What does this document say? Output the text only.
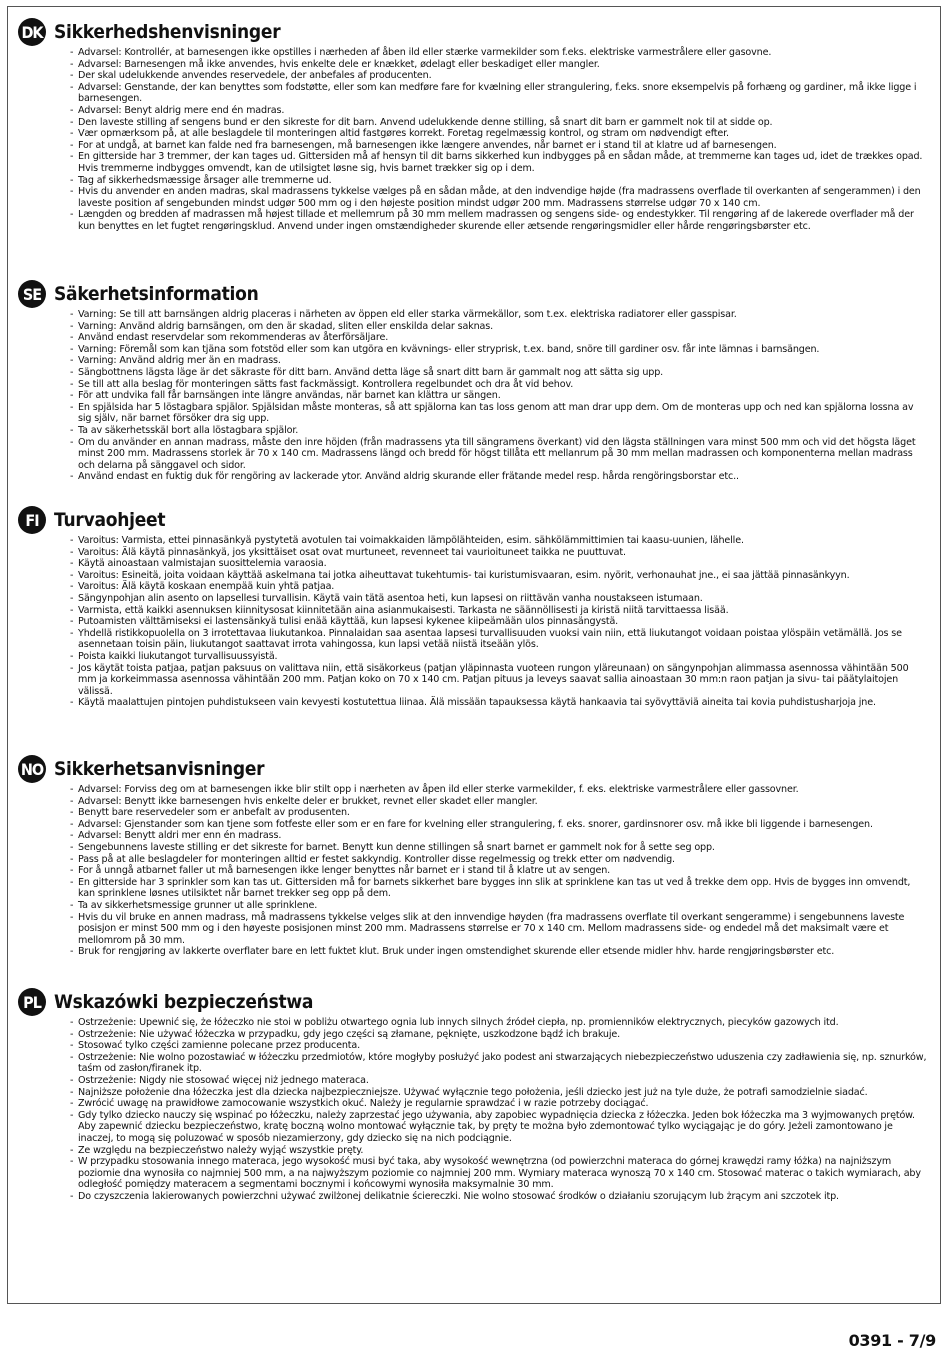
DK Sikkerhedshenvisninger
- Advarsel: Kontrollér, at barnesengen ikke opstilles i nærheden af åben ild eller stærke varmekilder som f.eks. elektriske varmestrålere eller gasovne.
- Advarsel: Barnesengen må ikke anvendes, hvis enkelte dele er knækket, ødelagt eller beskadiget eller mangler.
- Der skal udelukkende anvendes reservedele, der anbefales af producenten.
- Advarsel: Genstande, der kan benyttes som fodstøtte, eller som kan medføre fare for kvælning eller strangulering, f.eks. snore eksempelvis på forhæng og gardiner, må ikke ligge i barnesengen.
- Advarsel: Benyt aldrig mere end én madras.
- Den laveste stilling af sengens bund er den sikreste for dit barn. Anvend udelukkende denne stilling, så snart dit barn er gammelt nok til at sidde op.
- Vær opmærksom på, at alle beslagdele til monteringen altid fastgøres korrekt. Foretag regelmæssig kontrol, og stram om nødvendigt efter.
- For at undgå, at barnet kan falde ned fra barnesengen, må barnesengen ikke længere anvendes, når barnet er i stand til at klatre ud af barnesengen.
- En gitterside har 3 tremmer, der kan tages ud. Gittersiden må af hensyn til dit barns sikkerhed kun indbygges på en sådan måde, at tremmerne kan tages ud, idet de trækkes opad. Hvis tremmerne indbygges omvendt, kan de utilsigtet løsne sig, hvis barnet trækker sig op i dem.
- Tag af sikkerhedsmæssige årsager alle tremmerne ud.
- Hvis du anvender en anden madras, skal madrassens tykkelse vælges på en sådan måde, at den indvendige højde (fra madrassens overflade til overkanten af sengerammen) i den laveste position af sengebunden mindst udgør 500 mm og i den højeste position mindst udgør 200 mm. Madrassens størrelse udgør 70 x 140 cm.
- Længden og bredden af madrassen må højest tillade et mellemrum på 30 mm mellem madrassen og sengens side- og endestykker. Til rengøring af de lakerede overflader må der kun benyttes en let fugtet rengøringsklud. Anvend under ingen omstændigheder skurende eller ætsende rengøringsmidler eller hårde rengøringsbørster etc.
SE Säkerhetsinformation
- Varning: Se till att barnsängen aldrig placeras i närheten av öppen eld eller starka värmekällor, som t.ex. elektriska radiatorer eller gasspisar.
- Varning: Använd aldrig barnsängen, om den är skadad, sliten eller enskilda delar saknas.
- Använd endast reservdelar som rekommenderas av återförsäljare.
- Varning: Föremål som kan tjäna som fotstöd eller som kan utgöra en kvävnings- eller stryprisk, t.ex. band, snöre till gardiner osv. får inte lämnas i barnsängen.
- Varning: Använd aldrig mer än en madrass.
- Sängbottnens lägsta läge är det säkraste för ditt barn. Använd detta läge så snart ditt barn är gammalt nog att sätta sig upp.
- Se till att alla beslag för monteringen sätts fast fackmässigt. Kontrollera regelbundet och dra åt vid behov.
- För att undvika fall får barnsängen inte längre användas, när barnet kan klättra ur sängen.
- En spjälsida har 5 löstagbara spjälor. Spjälsidan måste monteras, så att spjälorna kan tas loss genom att man drar upp dem. Om de monteras upp och ned kan spjälorna lossna av sig själv, när barnet försöker dra sig upp.
- Ta av säkerhetsskäl bort alla löstagbara spjälor.
- Om du använder en annan madrass, måste den inre höjden (från madrassens yta till sängramens överkant) vid den lägsta ställningen vara minst 500 mm och vid det högsta läget minst 200 mm. Madrassens storlek är 70 x 140 cm. Madrassens längd och bredd för högst tillåta ett mellanrum på 30 mm mellan madrassen och komponenterna mellan madrass och delarna på sänggavel och sidor.
- Använd endast en fuktig duk för rengöring av lackerade ytor. Använd aldrig skurande eller frätande medel resp. hårda rengöringsborstar etc..
FI Turvaohjeet
- Varoitus: Varmista, ettei pinnasänkyä pystytetä avotulen tai voimakkaiden lämpölähteiden, esim. sähkölämmittimien tai kaasu-uunien, lähelle.
- Varoitus: Älä käytä pinnasänkyä, jos yksittäiset osat ovat murtuneet, revenneet tai vaurioituneet taikka ne puuttuvat.
- Käytä ainoastaan valmistajan suosittelemia varaosia.
- Varoitus: Esineitä, joita voidaan käyttää askelmana tai jotka aiheuttavat tukehtumis- tai kuristumisvaaran, esim. nyörit, verhonauhat jne., ei saa jättää pinnasänkyyn.
- Varoitus: Älä käytä koskaan enempää kuin yhtä patjaa.
- Sängynpohjan alin asento on lapsellesi turvallisin. Käytä vain tätä asentoa heti, kun lapsesi on riittävän vanha noustakseen istumaan.
- Varmista, että kaikki asennuksen kiinnitysosat kiinnitetään aina asianmukaisesti. Tarkasta ne säännöllisesti ja kiristä niitä tarvittaessa lisää.
- Putoamisten välttämiseksi ei lastensänkyä tulisi enää käyttää, kun lapsesi kykenee kiipeämään ulos pinnasängystä.
- Yhdellä ristikkopuolella on 3 irrotettavaa liukutankoa. Pinnalaidan saa asentaa lapsesi turvallisuuden vuoksi vain niin, että liukutangot voidaan poistaa ylöspäin vetämällä. Jos se asennetaan toisin päin, liukutangot saattavat irrota vahingossa, kun lapsi vetää niistä itseään ylös.
- Poista kaikki liukutangot turvallisuussyistä.
- Jos käytät toista patjaa, patjan paksuus on valittava niin, että sisäkorkeus (patjan yläpinnasta vuoteen rungon yläreunaan) on sängynpohjan alimmassa asennossa vähintään 500 mm ja korkeimmassa asennossa vähintään 200 mm. Patjan koko on 70 x 140 cm. Patjan pituus ja leveys saavat sallia ainoastaan 30 mm:n raon patjan ja sivu- tai päätylaitojen välissä.
- Käytä maalattujen pintojen puhdistukseen vain kevyesti kostutettua liinaa. Älä missään tapauksessa käytä hankaavia tai syövyttäviä aineita tai kovia puhdistusharjoja jne.
NO Sikkerhetsanvisninger
- Advarsel: Forviss deg om at barnesengen ikke blir stilt opp i nærheten av åpen ild eller sterke varmekilder, f. eks. elektriske varmestrålere eller gassovner.
- Advarsel: Benytt ikke barnesengen hvis enkelte deler er brukket, revnet eller skadet eller mangler.
- Benytt bare reservedeler som er anbefalt av produsenten.
- Advarsel: Gjenstander som kan tjene som fotfeste eller som er en fare for kvelning eller strangulering, f. eks. snorer, gardinsnorer osv. må ikke bli liggende i barnesengen.
- Advarsel: Benytt aldri mer enn én madrass.
- Sengebunnens laveste stilling er det sikreste for barnet. Benytt kun denne stillingen så snart barnet er gammelt nok for å sette seg opp.
- Pass på at alle beslagdeler for monteringen alltid er festet sakkyndig. Kontroller disse regelmessig og trekk etter om nødvendig.
- For å unngå atbarnet faller ut må barnesengen ikke lenger benyttes når barnet er i stand til å klatre ut av sengen.
- En gitterside har 3 sprinkler som kan tas ut. Gittersiden må for barnets sikkerhet bare bygges inn slik at sprinklene kan tas ut ved å trekke dem opp. Hvis de bygges inn omvendt, kan sprinklene løsnes utilsiktet når barnet trekker seg opp på dem.
- Ta av sikkerhetsmessige grunner ut alle sprinklene.
- Hvis du vil bruke en annen madrass, må madrassens tykkelse velges slik at den innvendige høyden (fra madrassens overflate til overkant sengeramme) i sengebunnens laveste posisjon er minst 500 mm og i den høyeste posisjonen minst 200 mm. Madrassens størrelse er 70 x 140 cm. Mellom madrassens side- og endedel må det maksimalt være et mellomrom på 30 mm.
- Bruk for rengjøring av lakkerte overflater bare en lett fuktet klut. Bruk under ingen omstendighet skurende eller etsende midler hhv. harde rengjøringsbørster etc.
PL Wskazówki bezpieczeństwa
- Ostrzeżenie: Upewnić się, że łóżeczko nie stoi w pobliżu otwartego ognia lub innych silnych źródeł ciepła, np. promienników elektrycznych, piecyków gazowych itd.
- Ostrzeżenie: Nie używać łóżeczka w przypadku, gdy jego części są złamane, pęknięte, uszkodzone bądź ich brakuje.
- Stosować tylko części zamienne polecane przez producenta.
- Ostrzeżenie: Nie wolno pozostawiać w łóżeczku przedmiotów, które mogłyby posłużyć jako podest ani stwarzających niebezpieczeństwo uduszenia czy zadławienia się, np. sznurków, taśm od zasłon/firanek itp.
- Ostrzeżenie: Nigdy nie stosować więcej niż jednego materaca.
- Najniższe położenie dna łóżeczka jest dla dziecka najbezpieczniejsze. Używać wyłącznie tego położenia, jeśli dziecko jest już na tyle duże, że potrafi samodzielnie siadać.
- Zwrócić uwagę na prawidłowe zamocowanie wszystkich okuć. Należy je regularnie sprawdzać i w razie potrzeby dociągać.
- Gdy tylko dziecko nauczy się wspinać po łóżeczku, należy zaprzestać jego używania, aby zapobiec wypadnięcia dziecka z łóżeczka. Jeden bok łóżeczka ma 3 wyjmowanych prętów. Aby zapewnić dziecku bezpieczeństwo, kratę boczną wolno montować wyłącznie tak, by pręty te można było zdemontować tylko wyciągając je do góry. Jeżeli zamontowano je inaczej, to mogą się poluzować w sposób niezamierzony, gdy dziecko się na nich podciągnie.
- Ze względu na bezpieczeństwo należy wyjąć wszystkie pręty.
- W przypadku stosowania innego materaca, jego wysokość musi być taka, aby wysokość wewnętrzna (od powierzchni materaca do górnej krawędzi ramy łóżka) na najniższym poziomie dna wynosiła co najmniej 500 mm, a na najwyższym poziomie co najmniej 200 mm. Wymiary materaca wynoszą 70 x 140 cm. Stosować materac o takich wymiarach, aby odległość pomiędzy materacem a segmentami bocznymi i końcowymi wynosiła maksymalnie 30 mm.
- Do czyszczenia lakierowanych powierzchni używać zwilżonej delikatnie ściereczki. Nie wolno stosować środków o działaniu szorującym lub żrącym ani szczotek itp.
0391 - 7/9
